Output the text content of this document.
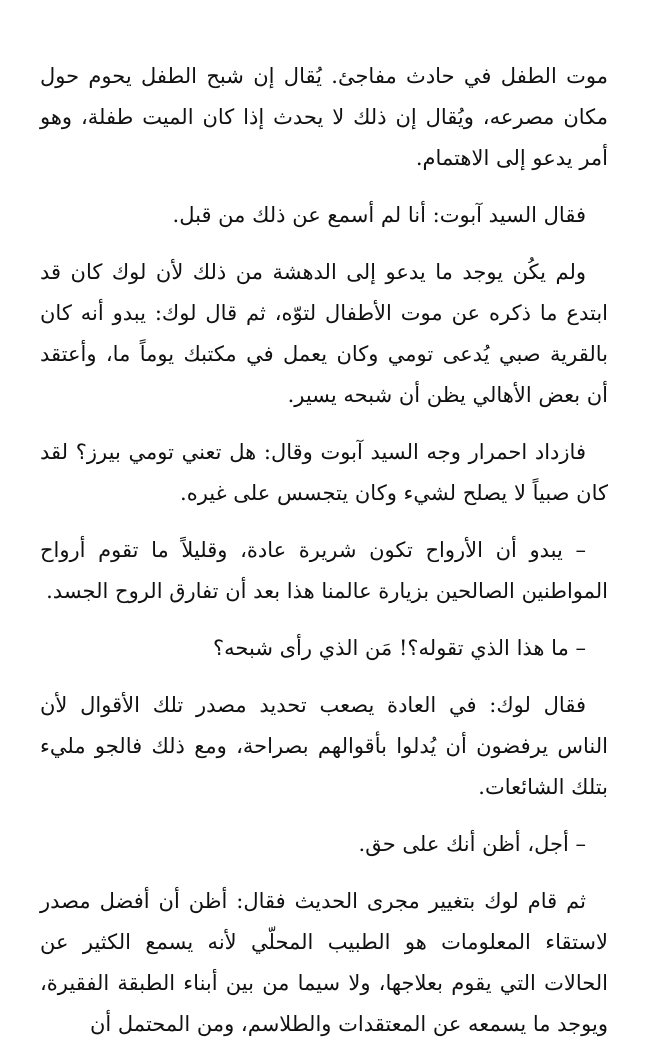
موت الطفل في حادث مفاجئ. يُقال إن شبح الطفل يحوم حول مكان مصرعه، ويُقال إن ذلك لا يحدث إذا كان الميت طفلة، وهو أمر يدعو إلى الاهتمام.

فقال السيد آبوت: أنا لم أسمع عن ذلك من قبل.

ولم يكُن يوجد ما يدعو إلى الدهشة من ذلك لأن لوك كان قد ابتدع ما ذكره عن موت الأطفال لتوّه، ثم قال لوك: يبدو أنه كان بالقرية صبي يُدعى تومي وكان يعمل في مكتبك يوماً ما، وأعتقد أن بعض الأهالي يظن أن شبحه يسير.

فازداد احمرار وجه السيد آبوت وقال: هل تعني تومي بيرز؟ لقد كان صبياً لا يصلح لشيء وكان يتجسس على غيره.

– يبدو أن الأرواح تكون شريرة عادة، وقليلاً ما تقوم أرواح المواطنين الصالحين بزيارة عالمنا هذا بعد أن تفارق الروح الجسد.

– ما هذا الذي تقوله؟! مَن الذي رأى شبحه؟

فقال لوك: في العادة يصعب تحديد مصدر تلك الأقوال لأن الناس يرفضون أن يُدلوا بأقوالهم بصراحة، ومع ذلك فالجو مليء بتلك الشائعات.

– أجل، أظن أنك على حق.

ثم قام لوك بتغيير مجرى الحديث فقال: أظن أن أفضل مصدر لاستقاء المعلومات هو الطبيب المحلّي لأنه يسمع الكثير عن الحالات التي يقوم بعلاجها، ولا سيما من بين أبناء الطبقة الفقيرة، ويوجد ما يسمعه عن المعتقدات والطلاسم، ومن المحتمل أن
